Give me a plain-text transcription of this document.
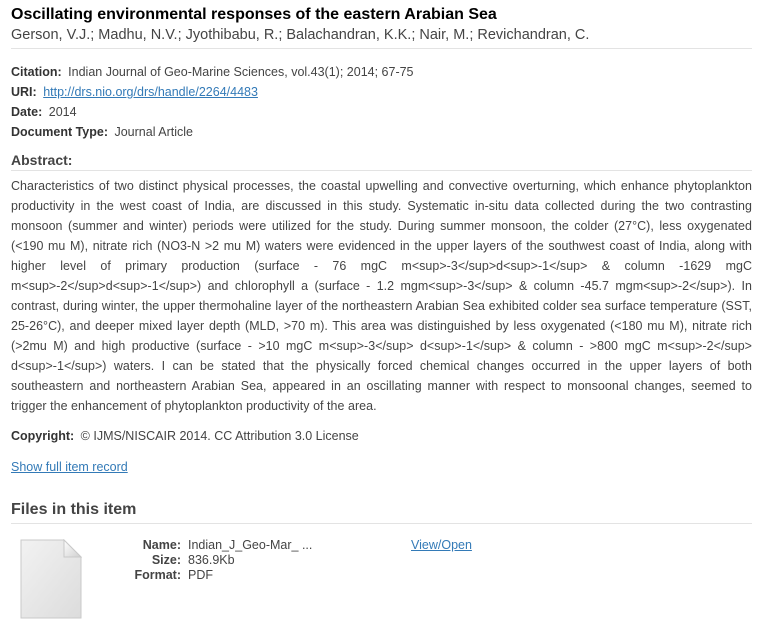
Oscillating environmental responses of the eastern Arabian Sea
Gerson, V.J.; Madhu, N.V.; Jyothibabu, R.; Balachandran, K.K.; Nair, M.; Revichandran, C.
Citation: Indian Journal of Geo-Marine Sciences, vol.43(1); 2014; 67-75
URI: http://drs.nio.org/drs/handle/2264/4483
Date: 2014
Document Type: Journal Article
Abstract:
Characteristics of two distinct physical processes, the coastal upwelling and convective overturning, which enhance phytoplankton productivity in the west coast of India, are discussed in this study. Systematic in-situ data collected during the two contrasting monsoon (summer and winter) periods were utilized for the study. During summer monsoon, the colder (27°C), less oxygenated (<190 mu M), nitrate rich (NO3-N >2 mu M) waters were evidenced in the upper layers of the southwest coast of India, along with higher level of primary production (surface - 76 mgC m<sup>-3</sup>d<sup>-1</sup> & column -1629 mgC m<sup>-2</sup>d<sup>-1</sup>) and chlorophyll a (surface - 1.2 mgm<sup>-3</sup> & column -45.7 mgm<sup>-2</sup>). In contrast, during winter, the upper thermohaline layer of the northeastern Arabian Sea exhibited colder sea surface temperature (SST, 25-26°C), and deeper mixed layer depth (MLD, >70 m). This area was distinguished by less oxygenated (<180 mu M), nitrate rich (>2mu M) and high productive (surface - >10 mgC m<sup>-3</sup> d<sup>-1</sup> & column - >800 mgC m<sup>-2</sup> d<sup>-1</sup>) waters. I can be stated that the physically forced chemical changes occurred in the upper layers of both southeastern and northeastern Arabian Sea, appeared in an oscillating manner with respect to monsoonal changes, seemed to trigger the enhancement of phytoplankton productivity of the area.
Copyright: © IJMS/NISCAIR 2014. CC Attribution 3.0 License
Show full item record
Files in this item
Name: Indian_J_Geo-Mar_ ...
Size: 836.9Kb
Format: PDF
View/Open
